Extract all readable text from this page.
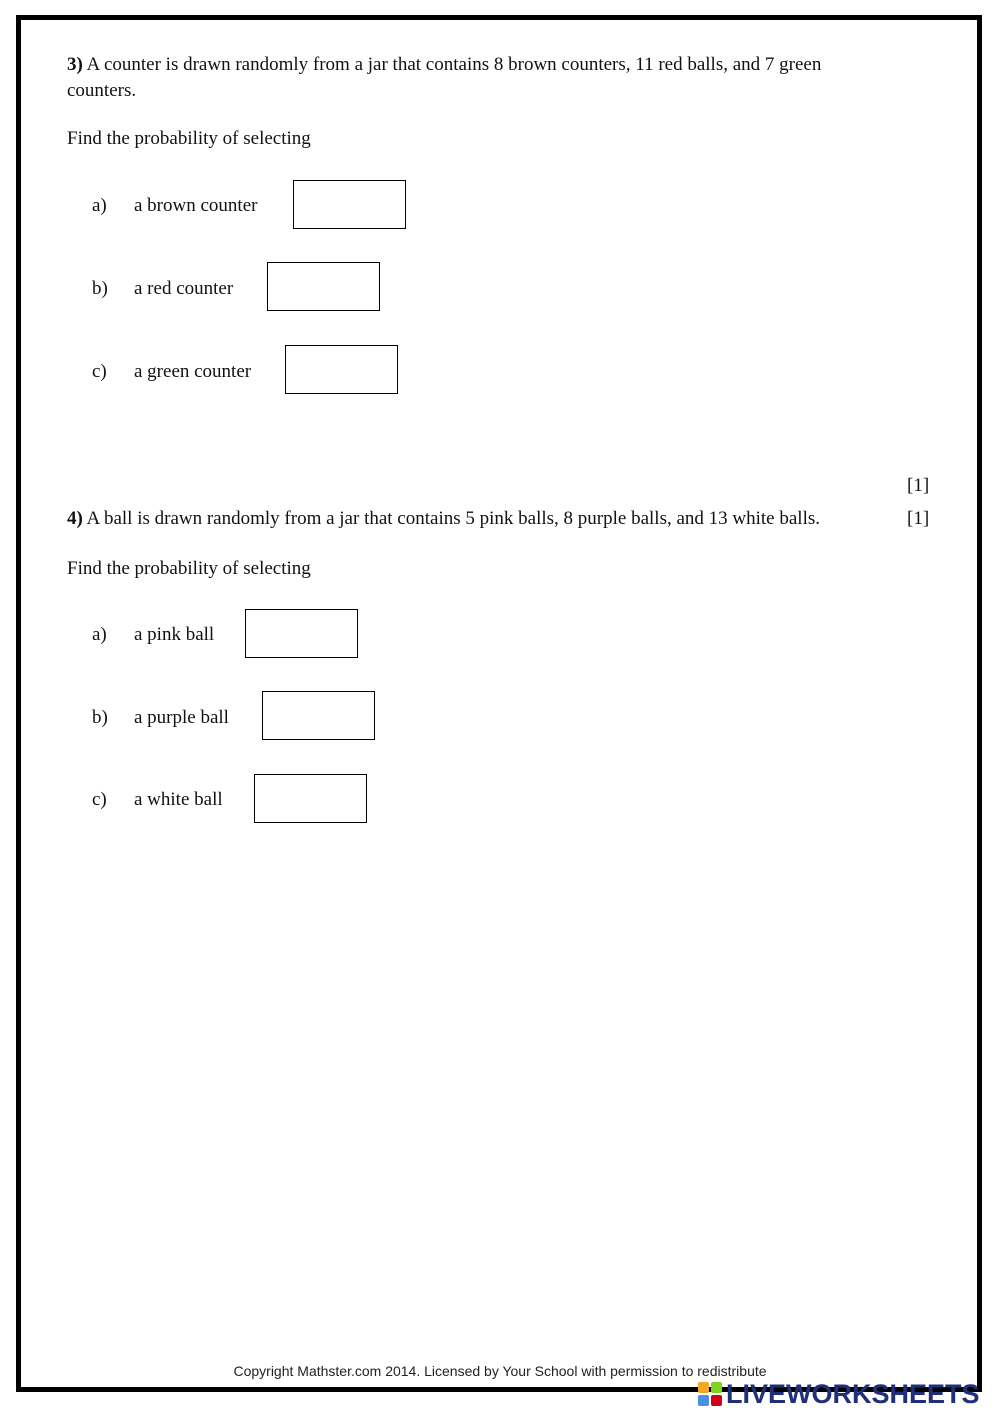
3) A counter is drawn randomly from a jar that contains 8 brown counters, 11 red balls, and 7 green counters.
Find the probability of selecting
a) a brown counter
b) a red counter
c) a green counter
[1]
4) A ball is drawn randomly from a jar that contains 5 pink balls, 8 purple balls, and 13 white balls.	[1]
Find the probability of selecting
a) a pink ball
b) a purple ball
c) a white ball
Copyright Mathster.com 2014. Licensed by Your School with permission to redistribute
LIVEWORKSHEETS
